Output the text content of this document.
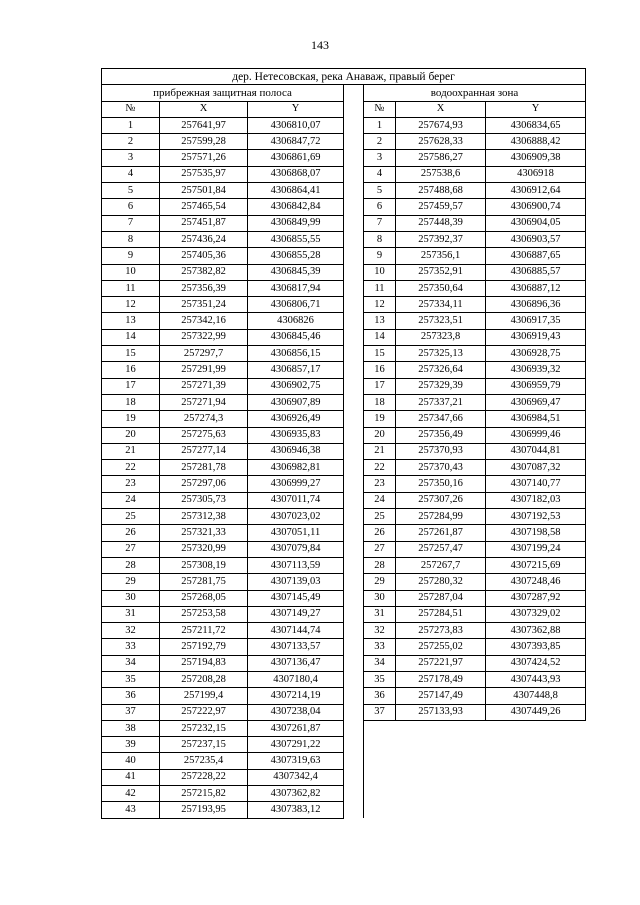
143
дер. Нетесовская, река Анаваж, правый берег						
прибрежная защитная полоса				водоохранная зона		
№	X	Y		№	X	Y
1	257641,97	4306810,07		1	257674,93	4306834,65
2	257599,28	4306847,72		2	257628,33	4306888,42
3	257571,26	4306861,69		3	257586,27	4306909,38
4	257535,97	4306868,07		4	257538,6	4306918
5	257501,84	4306864,41		5	257488,68	4306912,64
6	257465,54	4306842,84		6	257459,57	4306900,74
7	257451,87	4306849,99		7	257448,39	4306904,05
8	257436,24	4306855,55		8	257392,37	4306903,57
9	257405,36	4306855,28		9	257356,1	4306887,65
10	257382,82	4306845,39		10	257352,91	4306885,57
11	257356,39	4306817,94		11	257350,64	4306887,12
12	257351,24	4306806,71		12	257334,11	4306896,36
13	257342,16	4306826		13	257323,51	4306917,35
14	257322,99	4306845,46		14	257323,8	4306919,43
15	257297,7	4306856,15		15	257325,13	4306928,75
16	257291,99	4306857,17		16	257326,64	4306939,32
17	257271,39	4306902,75		17	257329,39	4306959,79
18	257271,94	4306907,89		18	257337,21	4306969,47
19	257274,3	4306926,49		19	257347,66	4306984,51
20	257275,63	4306935,83		20	257356,49	4306999,46
21	257277,14	4306946,38		21	257370,93	4307044,81
22	257281,78	4306982,81		22	257370,43	4307087,32
23	257297,06	4306999,27		23	257350,16	4307140,77
24	257305,73	4307011,74		24	257307,26	4307182,03
25	257312,38	4307023,02		25	257284,99	4307192,53
26	257321,33	4307051,11		26	257261,87	4307198,58
27	257320,99	4307079,84		27	257257,47	4307199,24
28	257308,19	4307113,59		28	257267,7	4307215,69
29	257281,75	4307139,03		29	257280,32	4307248,46
30	257268,05	4307145,49		30	257287,04	4307287,92
31	257253,58	4307149,27		31	257284,51	4307329,02
32	257211,72	4307144,74		32	257273,83	4307362,88
33	257192,79	4307133,57		33	257255,02	4307393,85
34	257194,83	4307136,47		34	257221,97	4307424,52
35	257208,28	4307180,4		35	257178,49	4307443,93
36	257199,4	4307214,19		36	257147,49	4307448,8
37	257222,97	4307238,04		37	257133,93	4307449,26
38	257232,15	4307261,87				
39	257237,15	4307291,22				
40	257235,4	4307319,63				
41	257228,22	4307342,4				
42	257215,82	4307362,82				
43	257193,95	4307383,12				
